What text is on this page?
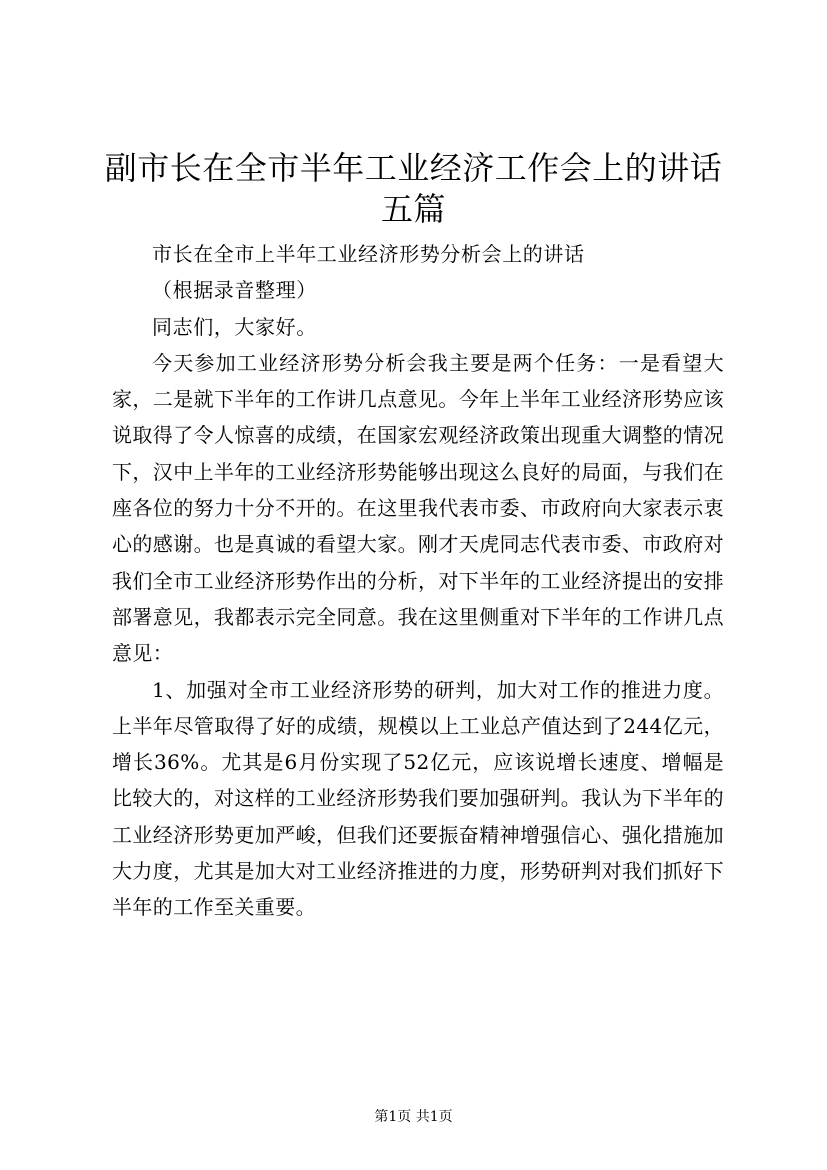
副市长在全市半年工业经济工作会上的讲话五篇

市长在全市上半年工业经济形势分析会上的讲话

（根据录音整理）

同志们，大家好。

今天参加工业经济形势分析会我主要是两个任务：一是看望大家，二是就下半年的工作讲几点意见。今年上半年工业经济形势应该说取得了令人惊喜的成绩，在国家宏观经济政策出现重大调整的情况下，汉中上半年的工业经济形势能够出现这么良好的局面，与我们在座各位的努力十分不开的。在这里我代表市委、市政府向大家表示衷心的感谢。也是真诚的看望大家。刚才天虎同志代表市委、市政府对我们全市工业经济形势作出的分析，对下半年的工业经济提出的安排部署意见，我都表示完全同意。我在这里侧重对下半年的工作讲几点意见：

1、加强对全市工业经济形势的研判，加大对工作的推进力度。上半年尽管取得了好的成绩，规模以上工业总产值达到了244亿元，增长36%。尤其是6月份实现了52亿元，应该说增长速度、增幅是比较大的，对这样的工业经济形势我们要加强研判。我认为下半年的工业经济形势更加严峻，但我们还要振奋精神增强信心、强化措施加大力度，尤其是加大对工业经济推进的力度，形势研判对我们抓好下半年的工作至关重要。

第1页 共1页
